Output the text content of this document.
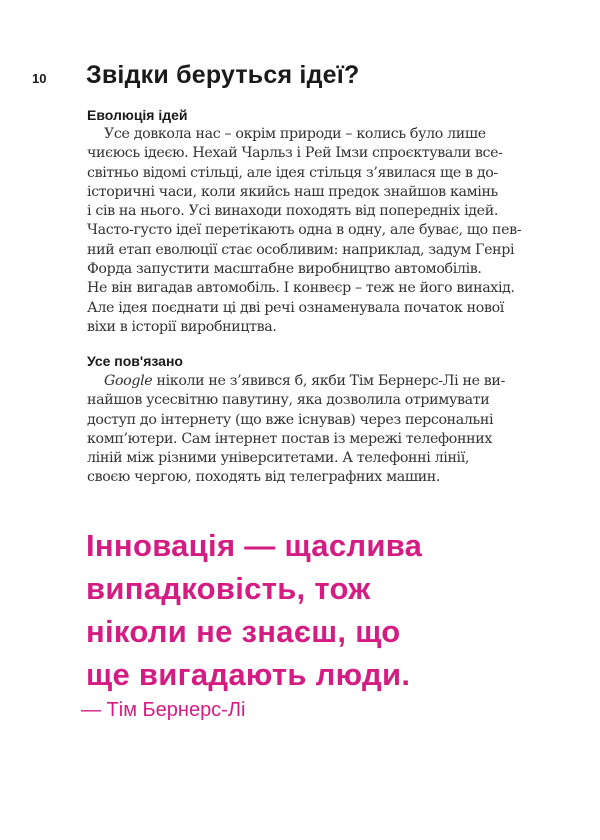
10 Звідки беруться ідеї?
Еволюція ідей
Усе довкола нас – окрім природи – колись було лише
чиєюсь ідеєю. Нехай Чарльз і Рей Імзи спроєктували все-
світньо відомі стільці, але ідея стільця з’явилася ще в до-
історичні часи, коли якийсь наш предок знайшов камінь
і сів на нього. Усі винаходи походять від попередніх ідей.
Часто-густо ідеї перетікають одна в одну, але буває, що пев-
ний етап еволюції стає особливим: наприклад, задум Генрі
Форда запустити масштабне виробництво автомобілів.
Не він вигадав автомобіль. І конвеєр – теж не його винахід.
Але ідея поєднати ці дві речі ознаменувала початок нової
віхи в історії виробництва.
Усе пов'язано
Google ніколи не з’явився б, якби Тім Бернерс-Лі не ви-
найшов усесвітню павутину, яка дозволила отримувати
доступ до інтернету (що вже існував) через персональні
комп’ютери. Сам інтернет постав із мережі телефонних
ліній між різними університетами. А телефонні лінії,
своєю чергою, походять від телеграфних машин.
Інновація — щаслива
випадковість, тож
ніколи не знаєш, що
ще вигадають люди.
— Тім Бернерс-Лі
